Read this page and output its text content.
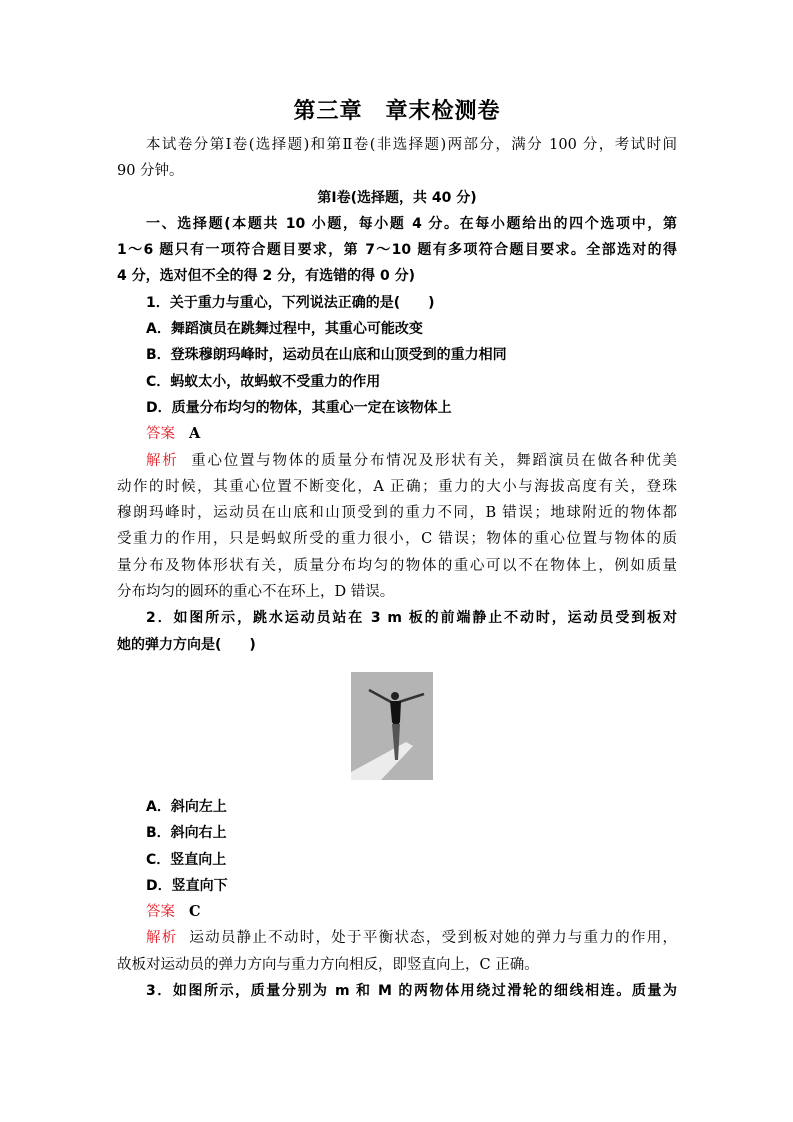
第三章　章末检测卷
本试卷分第Ⅰ卷(选择题)和第Ⅱ卷(非选择题)两部分，满分 100 分，考试时间
90 分钟。
第Ⅰ卷(选择题，共 40 分)
一、选择题(本题共 10 小题，每小题 4 分。在每小题给出的四个选项中，第
1～6 题只有一项符合题目要求，第 7～10 题有多项符合题目要求。全部选对的得
4 分，选对但不全的得 2 分，有选错的得 0 分)
1．关于重力与重心，下列说法正确的是(　　)
A．舞蹈演员在跳舞过程中，其重心可能改变
B．登珠穆朗玛峰时，运动员在山底和山顶受到的重力相同
C．蚂蚁太小，故蚂蚁不受重力的作用
D．质量分布均匀的物体，其重心一定在该物体上
答案 A
解析 重心位置与物体的质量分布情况及形状有关，舞蹈演员在做各种优美
动作的时候，其重心位置不断变化，A 正确；重力的大小与海拔高度有关，登珠
穆朗玛峰时，运动员在山底和山顶受到的重力不同，B 错误；地球附近的物体都
受重力的作用，只是蚂蚁所受的重力很小，C 错误；物体的重心位置与物体的质
量分布及物体形状有关，质量分布均匀的物体的重心可以不在物体上，例如质量
分布均匀的圆环的重心不在环上，D 错误。
2．如图所示，跳水运动员站在 3 m 板的前端静止不动时，运动员受到板对
她的弹力方向是(　　)
A．斜向左上
B．斜向右上
C．竖直向上
D．竖直向下
答案 C
解析 运动员静止不动时，处于平衡状态，受到板对她的弹力与重力的作用，
故板对运动员的弹力方向与重力方向相反，即竖直向上，C 正确。
3．如图所示，质量分别为 m 和 M 的两物体用绕过滑轮的细线相连。质量为
